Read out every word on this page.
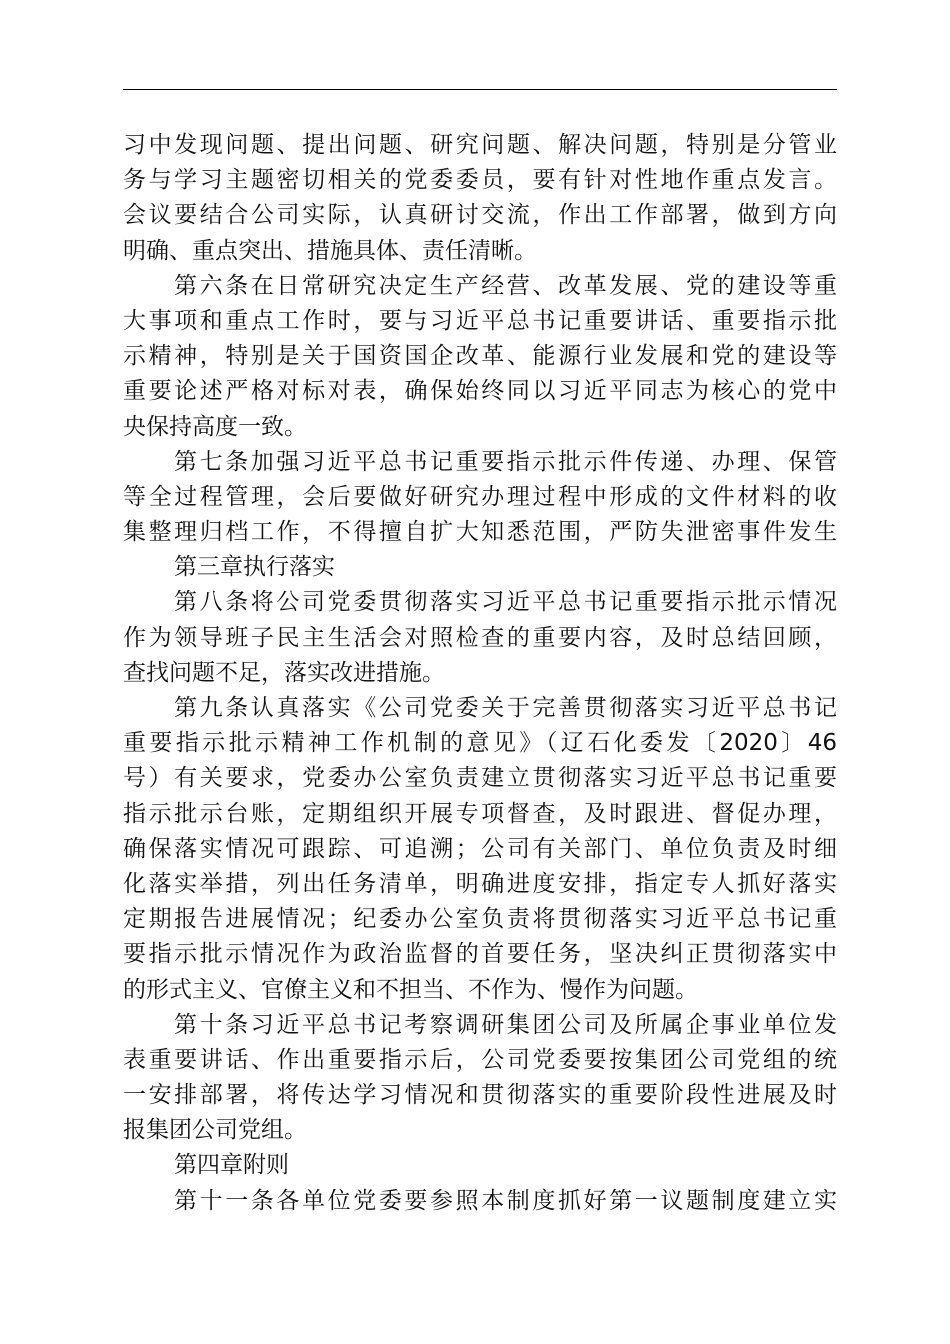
习中发现问题、提出问题、研究问题、解决问题，特别是分管业
务与学习主题密切相关的党委委员，要有针对性地作重点发言。
会议要结合公司实际，认真研讨交流，作出工作部署，做到方向
明确、重点突出、措施具体、责任清晰。
第六条在日常研究决定生产经营、改革发展、党的建设等重
大事项和重点工作时，要与习近平总书记重要讲话、重要指示批
示精神，特别是关于国资国企改革、能源行业发展和党的建设等
重要论述严格对标对表，确保始终同以习近平同志为核心的党中
央保持高度一致。
第七条加强习近平总书记重要指示批示件传递、办理、保管
等全过程管理，会后要做好研究办理过程中形成的文件材料的收
集整理归档工作，不得擅自扩大知悉范围，严防失泄密事件发生
第三章执行落实
第八条将公司党委贯彻落实习近平总书记重要指示批示情况
作为领导班子民主生活会对照检查的重要内容，及时总结回顾，
查找问题不足，落实改进措施。
第九条认真落实《公司党委关于完善贯彻落实习近平总书记
重要指示批示精神工作机制的意见》（辽石化委发〔2020〕46
号）有关要求，党委办公室负责建立贯彻落实习近平总书记重要
指示批示台账，定期组织开展专项督查，及时跟进、督促办理，
确保落实情况可跟踪、可追溯；公司有关部门、单位负责及时细
化落实举措，列出任务清单，明确进度安排，指定专人抓好落实
定期报告进展情况；纪委办公室负责将贯彻落实习近平总书记重
要指示批示情况作为政治监督的首要任务，坚决纠正贯彻落实中
的形式主义、官僚主义和不担当、不作为、慢作为问题。
第十条习近平总书记考察调研集团公司及所属企事业单位发
表重要讲话、作出重要指示后，公司党委要按集团公司党组的统
一安排部署，将传达学习情况和贯彻落实的重要阶段性进展及时
报集团公司党组。
第四章附则
第十一条各单位党委要参照本制度抓好第一议题制度建立实
